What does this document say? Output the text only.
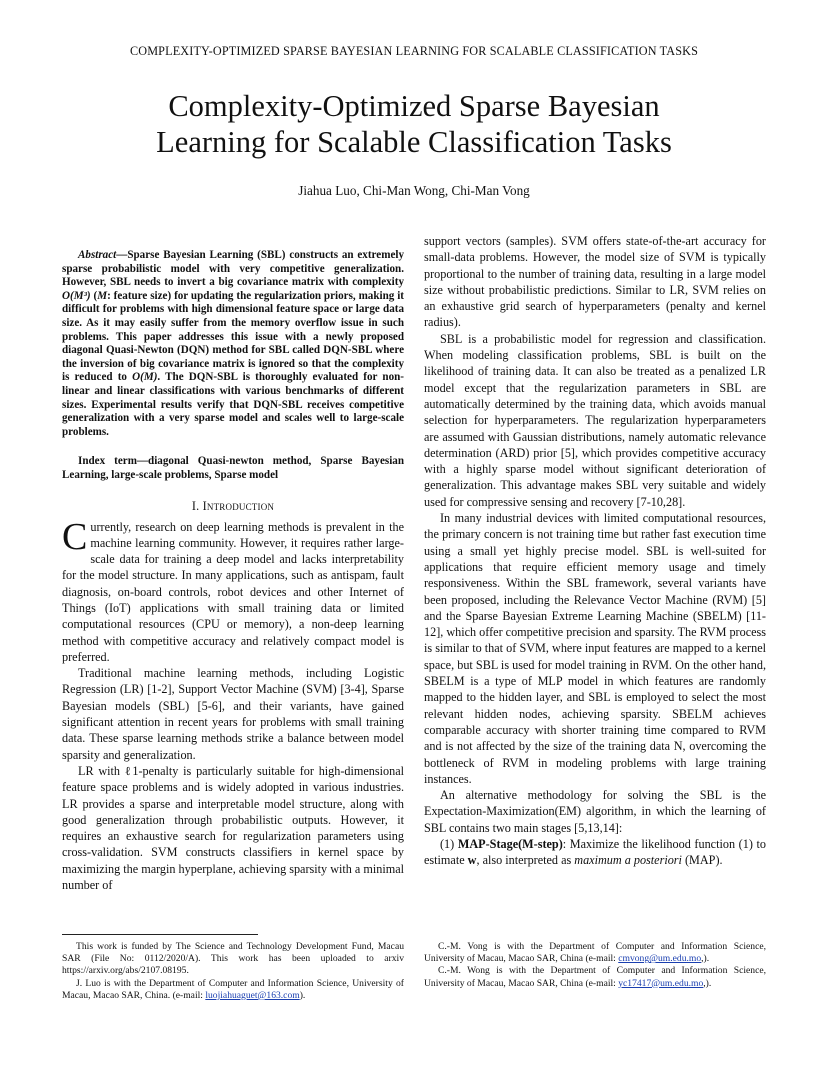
COMPLEXITY-OPTIMIZED SPARSE BAYESIAN LEARNING FOR SCALABLE CLASSIFICATION TASKS
Complexity-Optimized Sparse Bayesian
Learning for Scalable Classification Tasks
Jiahua Luo, Chi-Man Wong, Chi-Man Vong

Abstract—Sparse Bayesian Learning (SBL) constructs an extremely sparse probabilistic model with very competitive generalization. However, SBL needs to invert a big covariance matrix with complexity O(M³) (M: feature size) for updating the regularization priors, making it difficult for problems with high dimensional feature space or large data size. As it may easily suffer from the memory overflow issue in such problems. This paper addresses this issue with a newly proposed diagonal Quasi-Newton (DQN) method for SBL called DQN-SBL where the inversion of big covariance matrix is ignored so that the complexity is reduced to O(M). The DQN-SBL is thoroughly evaluated for non-linear and linear classifications with various benchmarks of different sizes. Experimental results verify that DQN-SBL receives competitive generalization with a very sparse model and scales well to large-scale problems.

Index term—diagonal Quasi-newton method, Sparse Bayesian Learning, large-scale problems, Sparse model

I. Introduction

Currently, research on deep learning methods is prevalent in the machine learning community. However, it requires rather large-scale data for training a deep model and lacks interpretability for the model structure. In many applications, such as antispam, fault diagnosis, on-board controls, robot devices and other Internet of Things (IoT) applications with small training data or limited computational resources (CPU or memory), a non-deep learning method with competitive accuracy and relatively compact model is preferred.

Traditional machine learning methods, including Logistic Regression (LR) [1-2], Support Vector Machine (SVM) [3-4], Sparse Bayesian models (SBL) [5-6], and their variants, have gained significant attention in recent years for problems with small training data. These sparse learning methods strike a balance between model sparsity and generalization.

LR with ℓ1-penalty is particularly suitable for high-dimensional feature space problems and is widely adopted in various industries. LR provides a sparse and interpretable model structure, along with good generalization through probabilistic outputs. However, it requires an exhaustive search for regularization parameters using cross-validation. SVM constructs classifiers in kernel space by maximizing the margin hyperplane, achieving sparsity with a minimal number of

support vectors (samples). SVM offers state-of-the-art accuracy for small-data problems. However, the model size of SVM is typically proportional to the number of training data, resulting in a large model size without probabilistic predictions. Similar to LR, SVM relies on an exhaustive grid search of hyperparameters (penalty and kernel radius).

SBL is a probabilistic model for regression and classification. When modeling classification problems, SBL is built on the likelihood of training data. It can also be treated as a penalized LR model except that the regularization parameters in SBL are automatically determined by the training data, which avoids manual selection for hyperparameters. The regularization hyperparameters are assumed with Gaussian distributions, namely automatic relevance determination (ARD) prior [5], which provides competitive accuracy with a highly sparse model without significant deterioration of generalization. This advantage makes SBL very suitable and widely used for compressive sensing and recovery [7-10,28].

In many industrial devices with limited computational resources, the primary concern is not training time but rather fast execution time using a small yet highly precise model. SBL is well-suited for applications that require efficient memory usage and timely responsiveness. Within the SBL framework, several variants have been proposed, including the Relevance Vector Machine (RVM) [5] and the Sparse Bayesian Extreme Learning Machine (SBELM) [11-12], which offer competitive precision and sparsity. The RVM process is similar to that of SVM, where input features are mapped to a kernel space, but SBL is used for model training in RVM. On the other hand, SBELM is a type of MLP model in which features are randomly mapped to the hidden layer, and SBL is employed to select the most relevant hidden nodes, achieving sparsity. SBELM achieves comparable accuracy with shorter training time compared to RVM and is not affected by the size of the training data N, overcoming the bottleneck of RVM in modeling problems with large training instances.

An alternative methodology for solving the SBL is the Expectation-Maximization(EM) algorithm, in which the learning of SBL contains two main stages [5,13,14]:

(1) MAP-Stage(M-step): Maximize the likelihood function (1) to estimate w, also interpreted as maximum a posteriori (MAP).

This work is funded by The Science and Technology Development Fund, Macau SAR (File No: 0112/2020/A). This work has been uploaded to arxiv https://arxiv.org/abs/2107.08195.

J. Luo is with the Department of Computer and Information Science, University of Macau, Macao SAR, China. (e-mail: luojiahuaguet@163.com).

C.-M. Vong is with the Department of Computer and Information Science, University of Macau, Macao SAR, China (e-mail: cmvong@um.edu.mo,).

C.-M. Wong is with the Department of Computer and Information Science, University of Macau, Macao SAR, China (e-mail: yc17417@um.edu.mo,).
